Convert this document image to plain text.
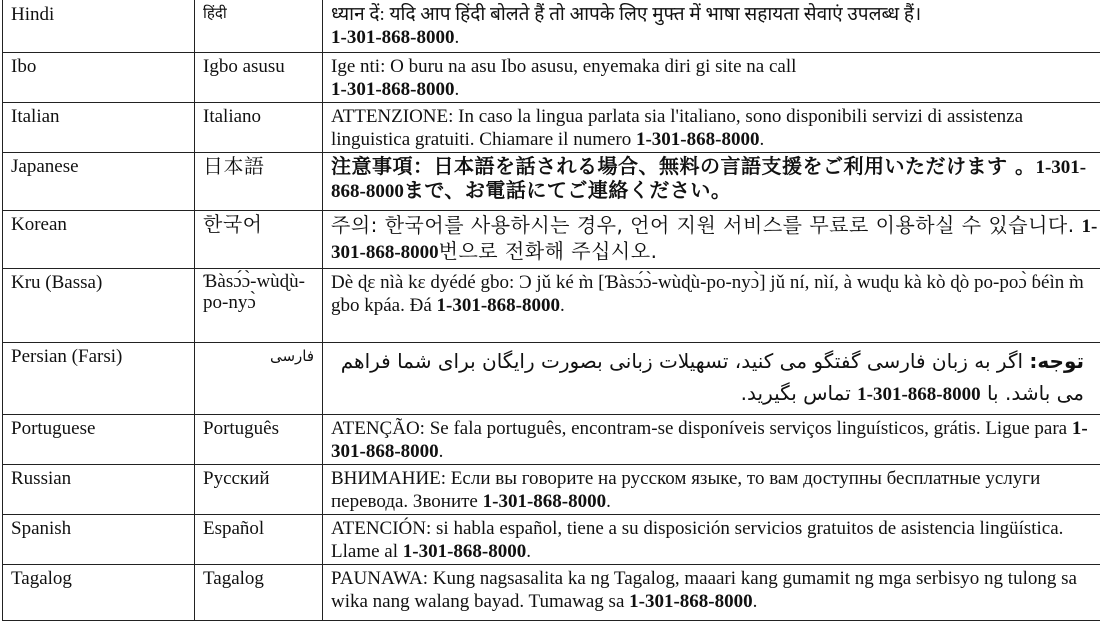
Hindi	हिंदी	ध्यान दें: यदि आप हिंदी बोलते हैं तो आपके लिए मुफ्त में भाषा सहायता सेवाएं उपलब्ध हैं।
1-301-868-8000.
Ibo	Igbo asusu	Ige nti: O buru na asu Ibo asusu, enyemaka diri gi site na call
1-301-868-8000.
Italian	Italiano	ATTENZIONE: In caso la lingua parlata sia l'italiano, sono disponibili servizi di assistenza linguistica gratuiti. Chiamare il numero 1-301-868-8000.
Japanese	日本語	注意事項：日本語を話される場合、無料の言語支援をご利用いただけます 。1-301-868-8000まで、お電話にてご連絡ください。
Korean	한국어	주의: 한국어를 사용하시는 경우, 언어 지원 서비스를 무료로 이용하실 수 있습니다. 1-301-868-8000번으로 전화해 주십시오.
Kru (Bassa)	Ɓàsɔ́ɔ̀-wùɖù-po-nyɔ̀	Dè ɖɛ nìà kɛ dyédé gbo: Ɔ jǔ ké m̀ [Ɓàsɔ́ɔ̀-wùɖù-po-nyɔ̀] jǔ ní, nìí, à wuɖu kà kò ɖò po-poɔ̀ ɓéìn m̀ gbo kpáa. Ɖá 1-301-868-8000.
Persian (Farsi)	فارسی	توجه: اگر به زبان فارسی گفتگو می کنید، تسهیلات زبانی بصورت رایگان برای شما فراهم می باشد. با 1-301-868-8000 تماس بگیرید.
Portuguese	Português	ATENÇÃO: Se fala português, encontram-se disponíveis serviços linguísticos, grátis. Ligue para 1-301-868-8000.
Russian	Русский	ВНИМАНИЕ: Если вы говорите на русском языке, то вам доступны бесплатные услуги перевода. Звоните 1-301-868-8000.
Spanish	Español	ATENCIÓN: si habla español, tiene a su disposición servicios gratuitos de asistencia lingüística. Llame al 1-301-868-8000.
Tagalog	Tagalog	PAUNAWA: Kung nagsasalita ka ng Tagalog, maaari kang gumamit ng mga serbisyo ng tulong sa wika nang walang bayad. Tumawag sa 1-301-868-8000.
